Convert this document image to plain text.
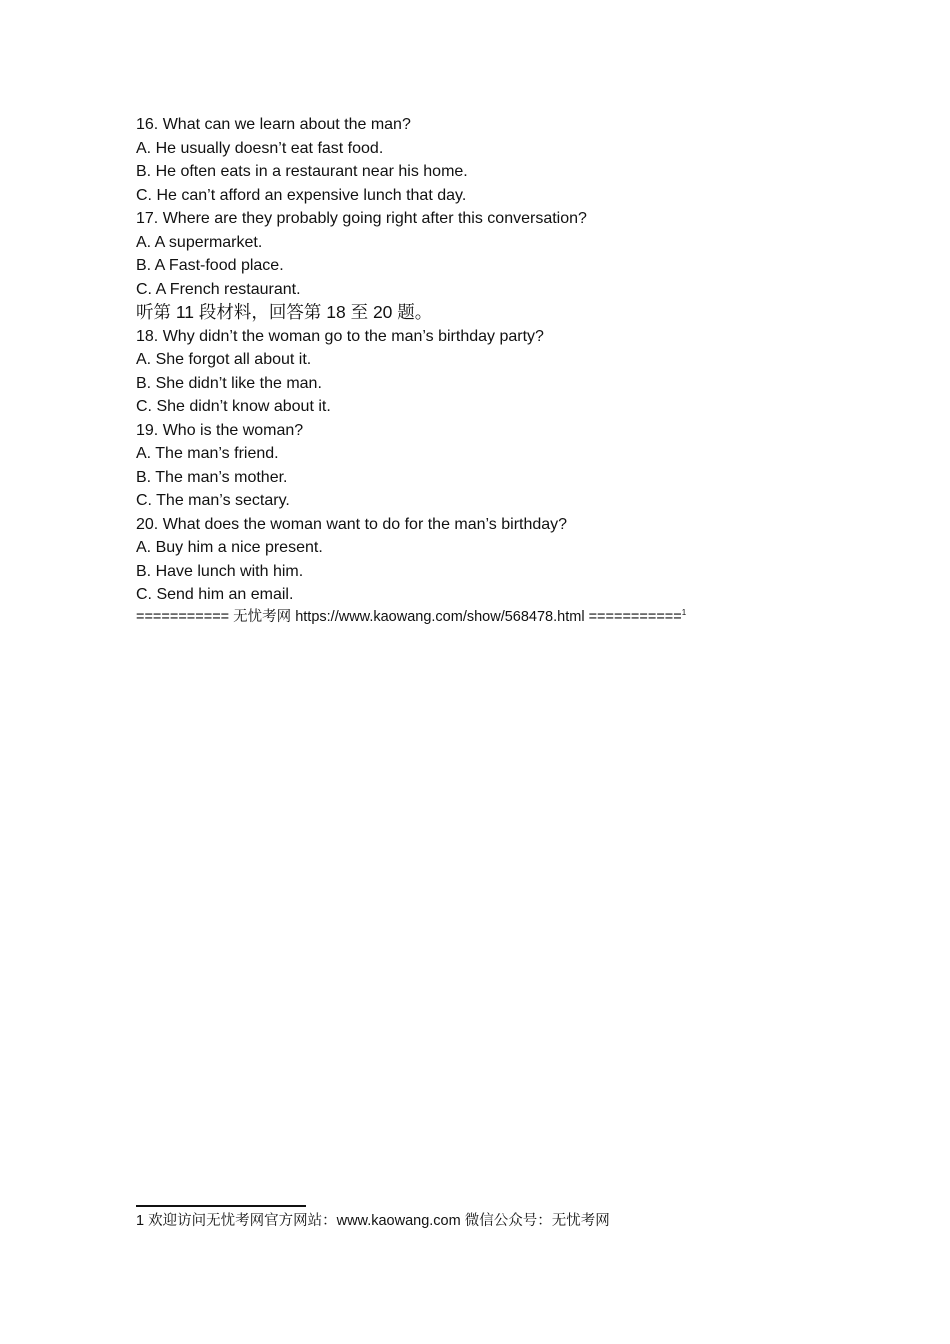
16. What can we learn about the man?
A. He usually doesn’t eat fast food.
B. He often eats in a restaurant near his home.
C. He can’t afford an expensive lunch that day.
17. Where are they probably going right after this conversation?
A. A supermarket.
B. A Fast-food place.
C. A French restaurant.
听第 11 段材料，回答第 18 至 20 题。
18. Why didn’t the woman go to the man’s birthday party?
A. She forgot all about it.
B. She didn’t like the man.
C. She didn’t know about it.
19. Who is the woman?
A. The man’s friend.
B. The man’s mother.
C. The man’s sectary.
20. What does the woman want to do for the man’s birthday?
A. Buy him a nice present.
B. Have lunch with him.
C. Send him an email.
=========== 无忧考网 https://www.kaowang.com/show/568478.html ===========$^1$
1 欢迎访问无忧考网官方网站：www.kaowang.com 微信公众号：无忧考网
